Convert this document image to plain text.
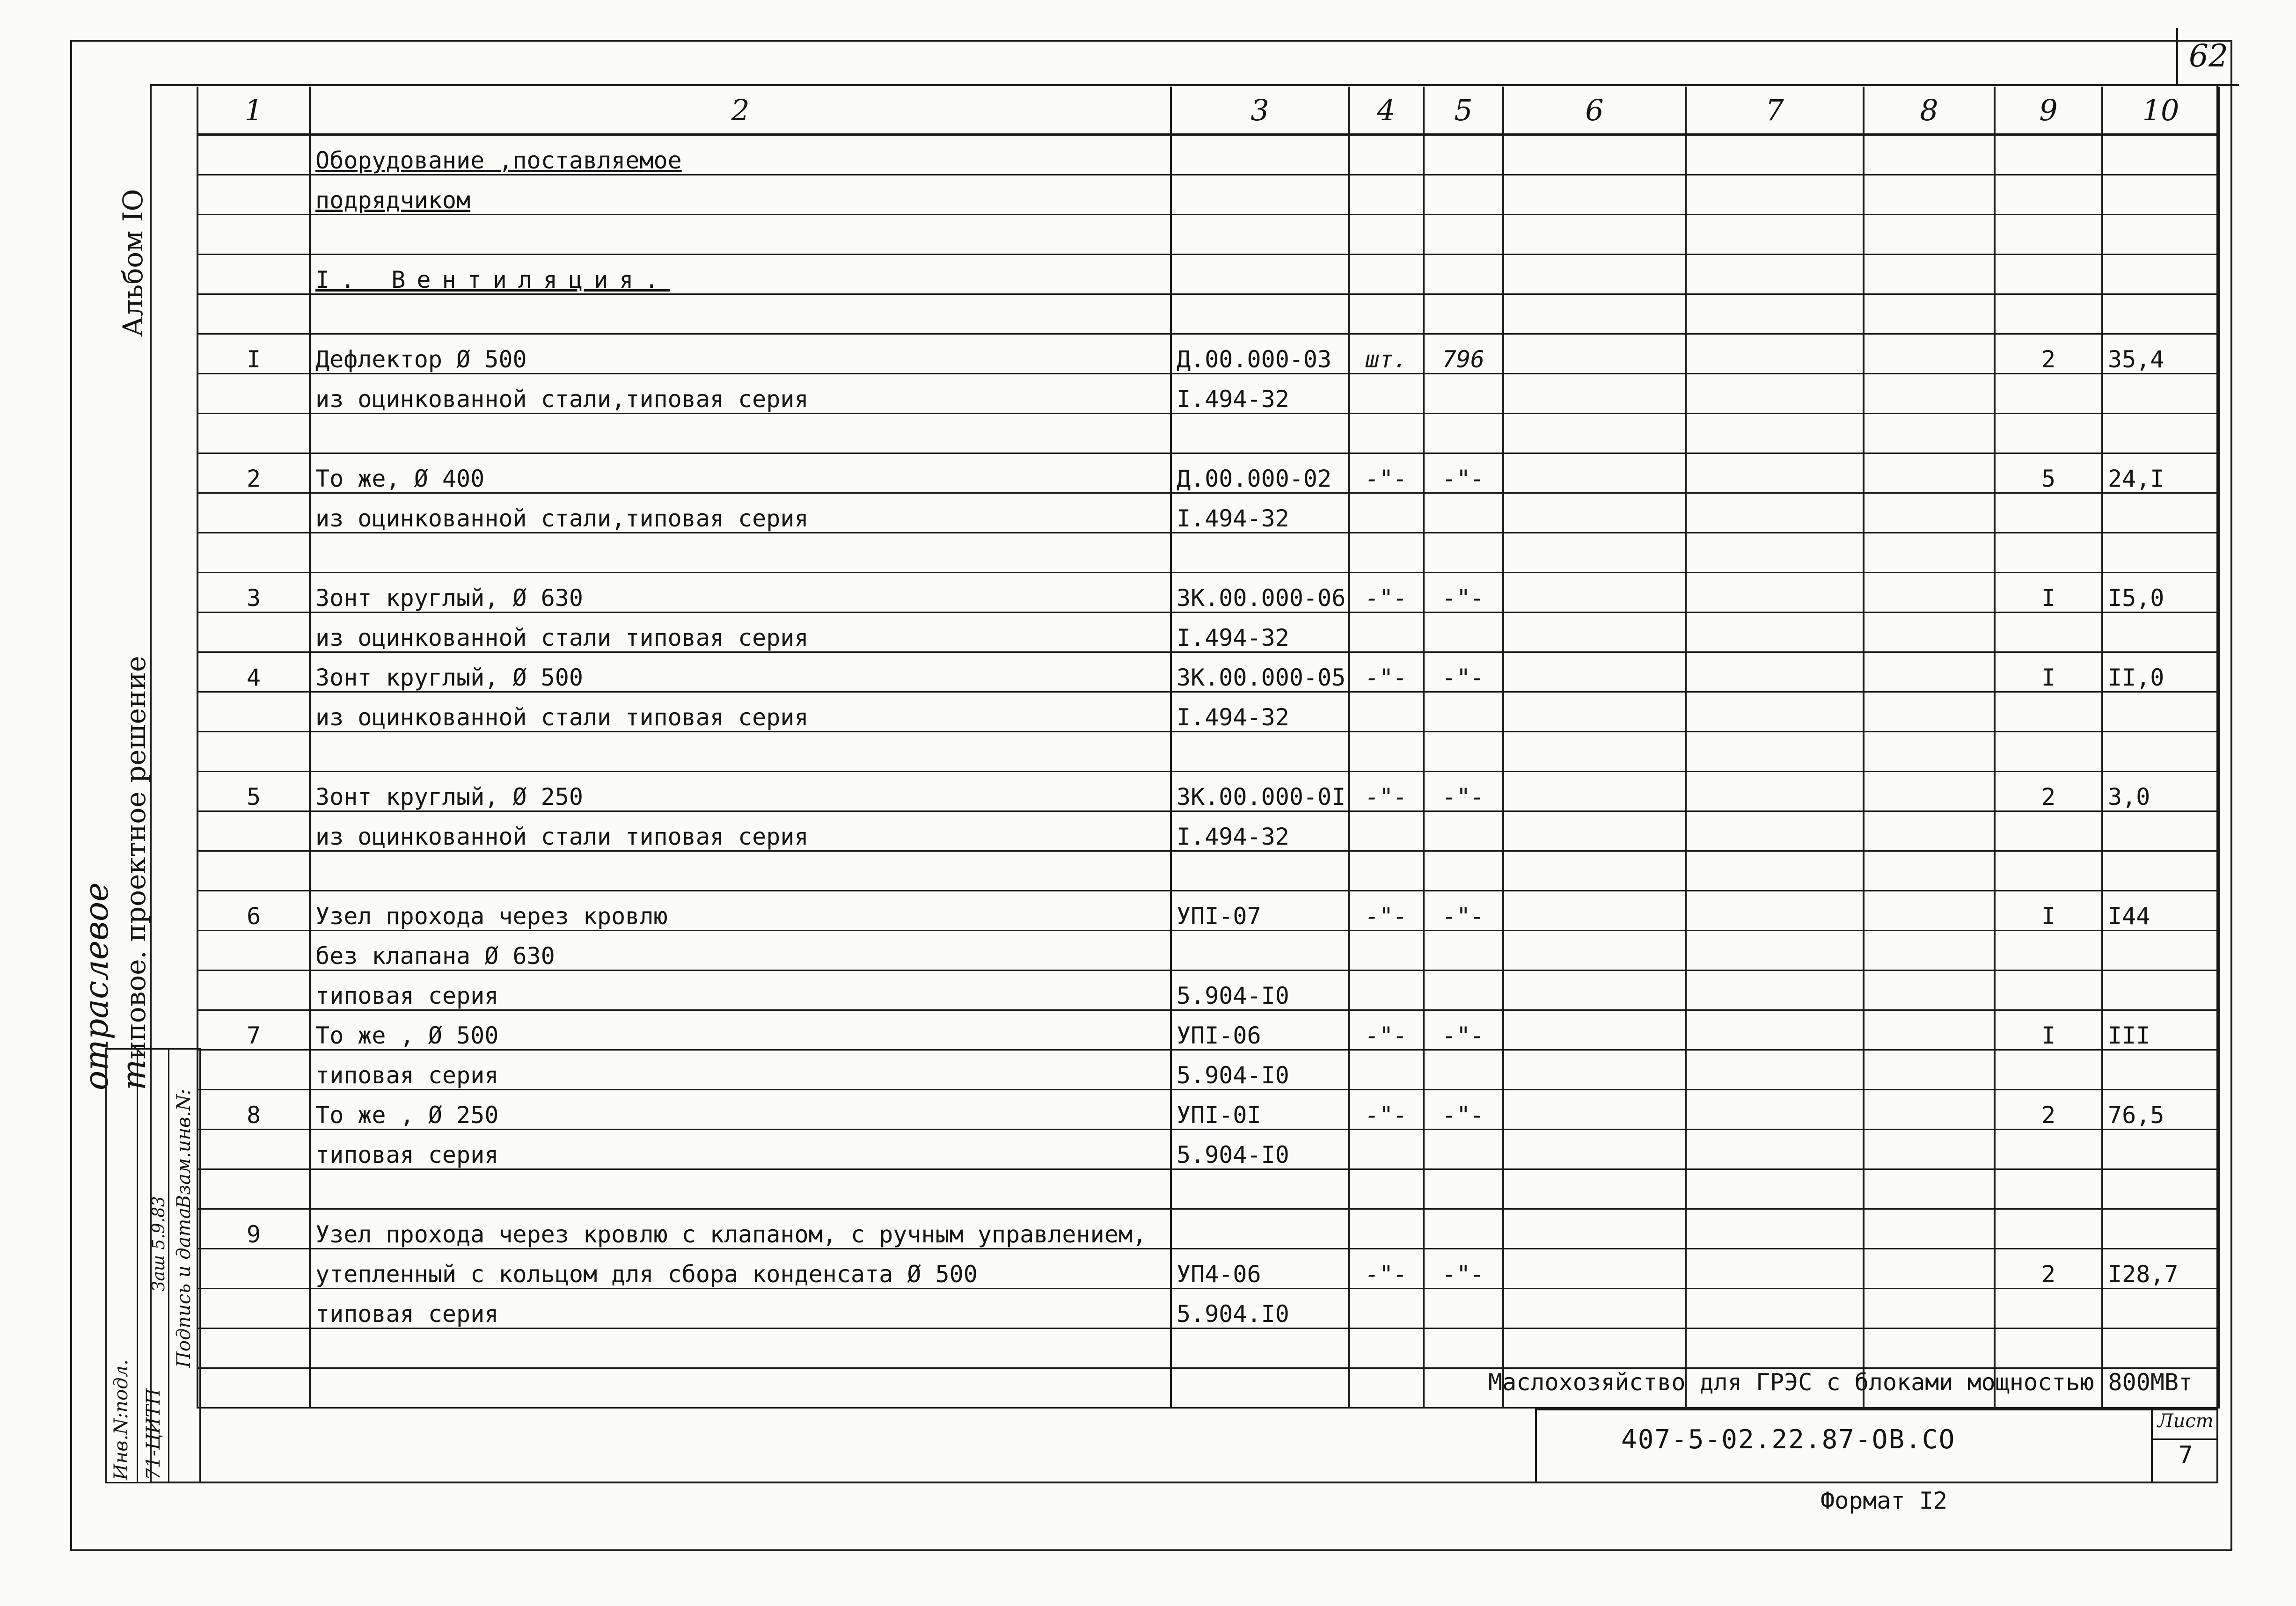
62
Альбом IO
отраслевое
типовое. проектное решение
Инв.N:подл. 71-ЦИТП
Подпись и дата
Взам.инв.N:
Заш 5.9.83
1	2	3	4	5	6	7	8	9	10
	Оборудование ,поставляемое								
	подрядчиком								

	I. Вентиляция.								

I	Дефлектор Ø 500	Д.00.000-03	шт.	796				2	35,4
	из оцинкованной стали,типовая серия	I.494-32							

2	То же, Ø 400	Д.00.000-02	-"-	-"-				5	24,I
	из оцинкованной стали,типовая серия	I.494-32							

3	Зонт круглый, Ø 630	ЗК.00.000-06	-"-	-"-				I	I5,0
	из оцинкованной стали типовая серия	I.494-32							
4	Зонт круглый, Ø 500	ЗК.00.000-05	-"-	-"-				I	II,0
	из оцинкованной стали типовая серия	I.494-32							

5	Зонт круглый, Ø 250	ЗК.00.000-0I	-"-	-"-				2	3,0
	из оцинкованной стали типовая серия	I.494-32							

6	Узел прохода через кровлю	УПI-07	-"-	-"-				I	I44
	без клапана Ø 630								
	типовая серия	5.904-I0							
7	То же , Ø 500	УПI-06	-"-	-"-				I	III
	типовая серия	5.904-I0							
8	То же , Ø 250	УПI-0I	-"-	-"-				2	76,5
	типовая серия	5.904-I0							

9	Узел прохода через кровлю с клапаном, с ручным управлением,								
	утепленный с кольцом для сбора конденсата Ø 500	УП4-06	-"-	-"-				2	I28,7
	типовая серия	5.904.I0							

Маслохозяйство для ГРЭС с блоками мощностью 800МВт
407-5-02.22.87-ОВ.СО
Лист
7
Формат I2
